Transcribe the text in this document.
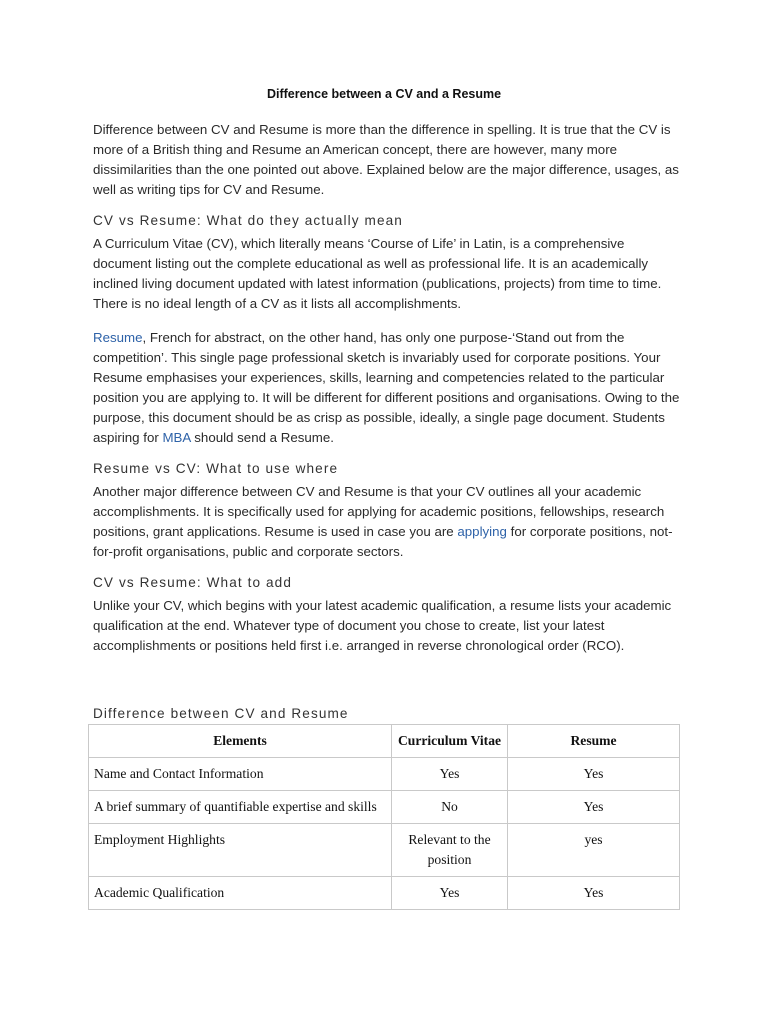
Difference between a CV and a Resume
Difference between CV and Resume is more than the difference in spelling. It is true that the CV is more of a British thing and Resume an American concept, there are however, many more dissimilarities than the one pointed out above. Explained below are the major difference, usages, as well as writing tips for CV and Resume.
CV vs Resume: What do they actually mean
A Curriculum Vitae (CV), which literally means ‘Course of Life’ in Latin, is a comprehensive document listing out the complete educational as well as professional life. It is an academically inclined living document updated with latest information (publications, projects) from time to time. There is no ideal length of a CV as it lists all accomplishments.
Resume, French for abstract, on the other hand, has only one purpose-‘Stand out from the competition’. This single page professional sketch is invariably used for corporate positions. Your Resume emphasises your experiences, skills, learning and competencies related to the particular position you are applying to. It will be different for different positions and organisations. Owing to the purpose, this document should be as crisp as possible, ideally, a single page document. Students aspiring for MBA should send a Resume.
Resume vs CV: What to use where
Another major difference between CV and Resume is that your CV outlines all your academic accomplishments. It is specifically used for applying for academic positions, fellowships, research positions, grant applications. Resume is used in case you are applying for corporate positions, not-for-profit organisations, public and corporate sectors.
CV vs Resume: What to add
Unlike your CV, which begins with your latest academic qualification, a resume lists your academic qualification at the end. Whatever type of document you chose to create, list your latest accomplishments or positions held first i.e. arranged in reverse chronological order (RCO).
Difference between CV and Resume
Elements	Curriculum Vitae	Resume
Name and Contact Information	Yes	Yes
A brief summary of quantifiable expertise and skills	No	Yes
Employment Highlights	Relevant to the position	yes
Academic Qualification	Yes	Yes
